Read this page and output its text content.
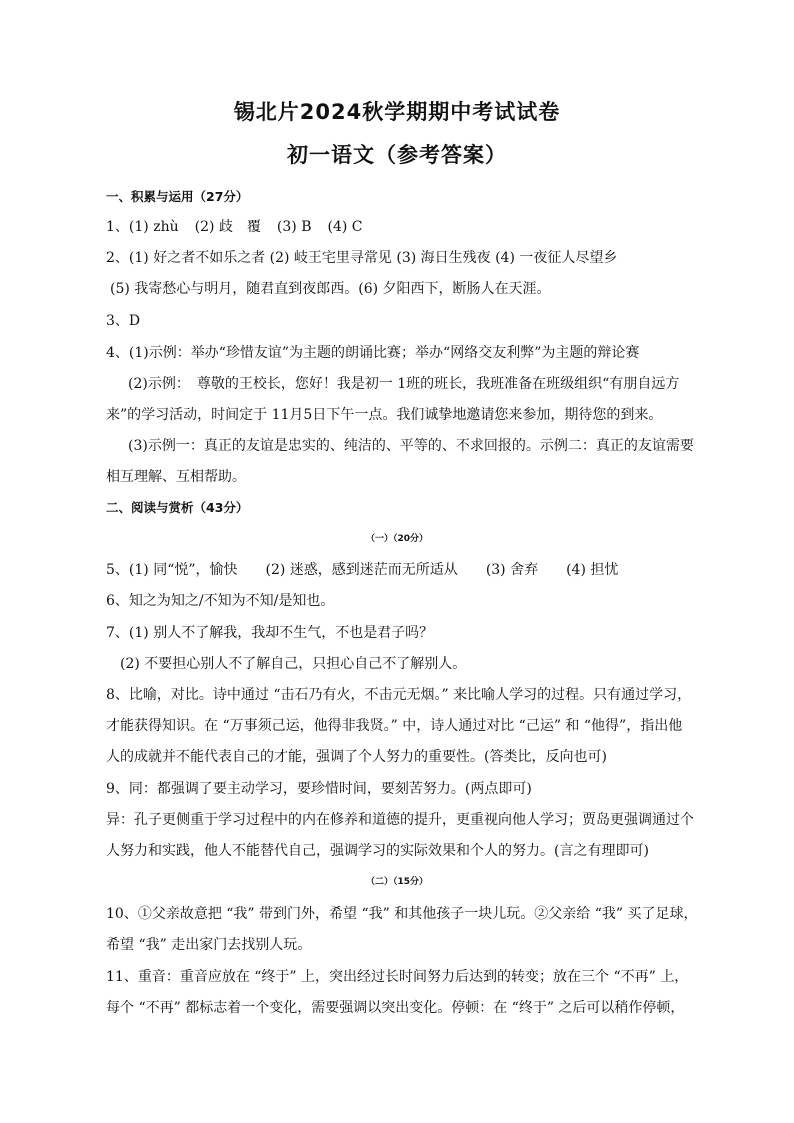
锡北片2024秋学期期中考试试卷
初一语文（参考答案）
一、积累与运用（27分）
1、(1) zhù (2) 歧　覆 (3) B (4) C
2、(1) 好之者不如乐之者 (2) 岐王宅里寻常见 (3) 海日生残夜 (4) 一夜征人尽望乡
(5) 我寄愁心与明月，随君直到夜郎西。(6) 夕阳西下，断肠人在天涯。
3、D
4、(1)示例：举办“珍惜友谊”为主题的朗诵比赛；举办“网络交友利弊”为主题的辩论赛
(2)示例：　尊敬的王校长，您好！我是初一 1班的班长，我班准备在班级组织“有朋自远方
来”的学习活动，时间定于 11月5日下午一点。我们诚挚地邀请您来参加，期待您的到来。
(3)示例一：真正的友谊是忠实的、纯洁的、平等的、不求回报的。示例二：真正的友谊需要
相互理解、互相帮助。
二、阅读与赏析（43分）
（一）（20分）
5、(1) 同“悦”，愉快 (2) 迷惑，感到迷茫而无所适从 (3) 舍弃 (4) 担忧
6、知之为知之/不知为不知/是知也。
7、(1) 别人不了解我，我却不生气，不也是君子吗？
(2) 不要担心别人不了解自己，只担心自己不了解别人。
8、比喻，对比。诗中通过 “击石乃有火，不击元无烟。” 来比喻人学习的过程。只有通过学习，
才能获得知识。在 “万事须己运，他得非我贤。” 中，诗人通过对比 “己运” 和 “他得”，指出他
人的成就并不能代表自己的才能，强调了个人努力的重要性。(答类比，反向也可)
9、同：都强调了要主动学习，要珍惜时间，要刻苦努力。(两点即可)
异：孔子更侧重于学习过程中的内在修养和道德的提升，更重视向他人学习；贾岛更强调通过个
人努力和实践，他人不能替代自己，强调学习的实际效果和个人的努力。(言之有理即可)
（二）（15分）
10、①父亲故意把 “我” 带到门外，希望 “我” 和其他孩子一块儿玩。②父亲给 “我” 买了足球，
希望 “我” 走出家门去找别人玩。
11、重音：重音应放在 “终于” 上，突出经过长时间努力后达到的转变；放在三个 “不再” 上，
每个 “不再” 都标志着一个变化，需要强调以突出变化。停顿：在 “终于” 之后可以稍作停顿，
